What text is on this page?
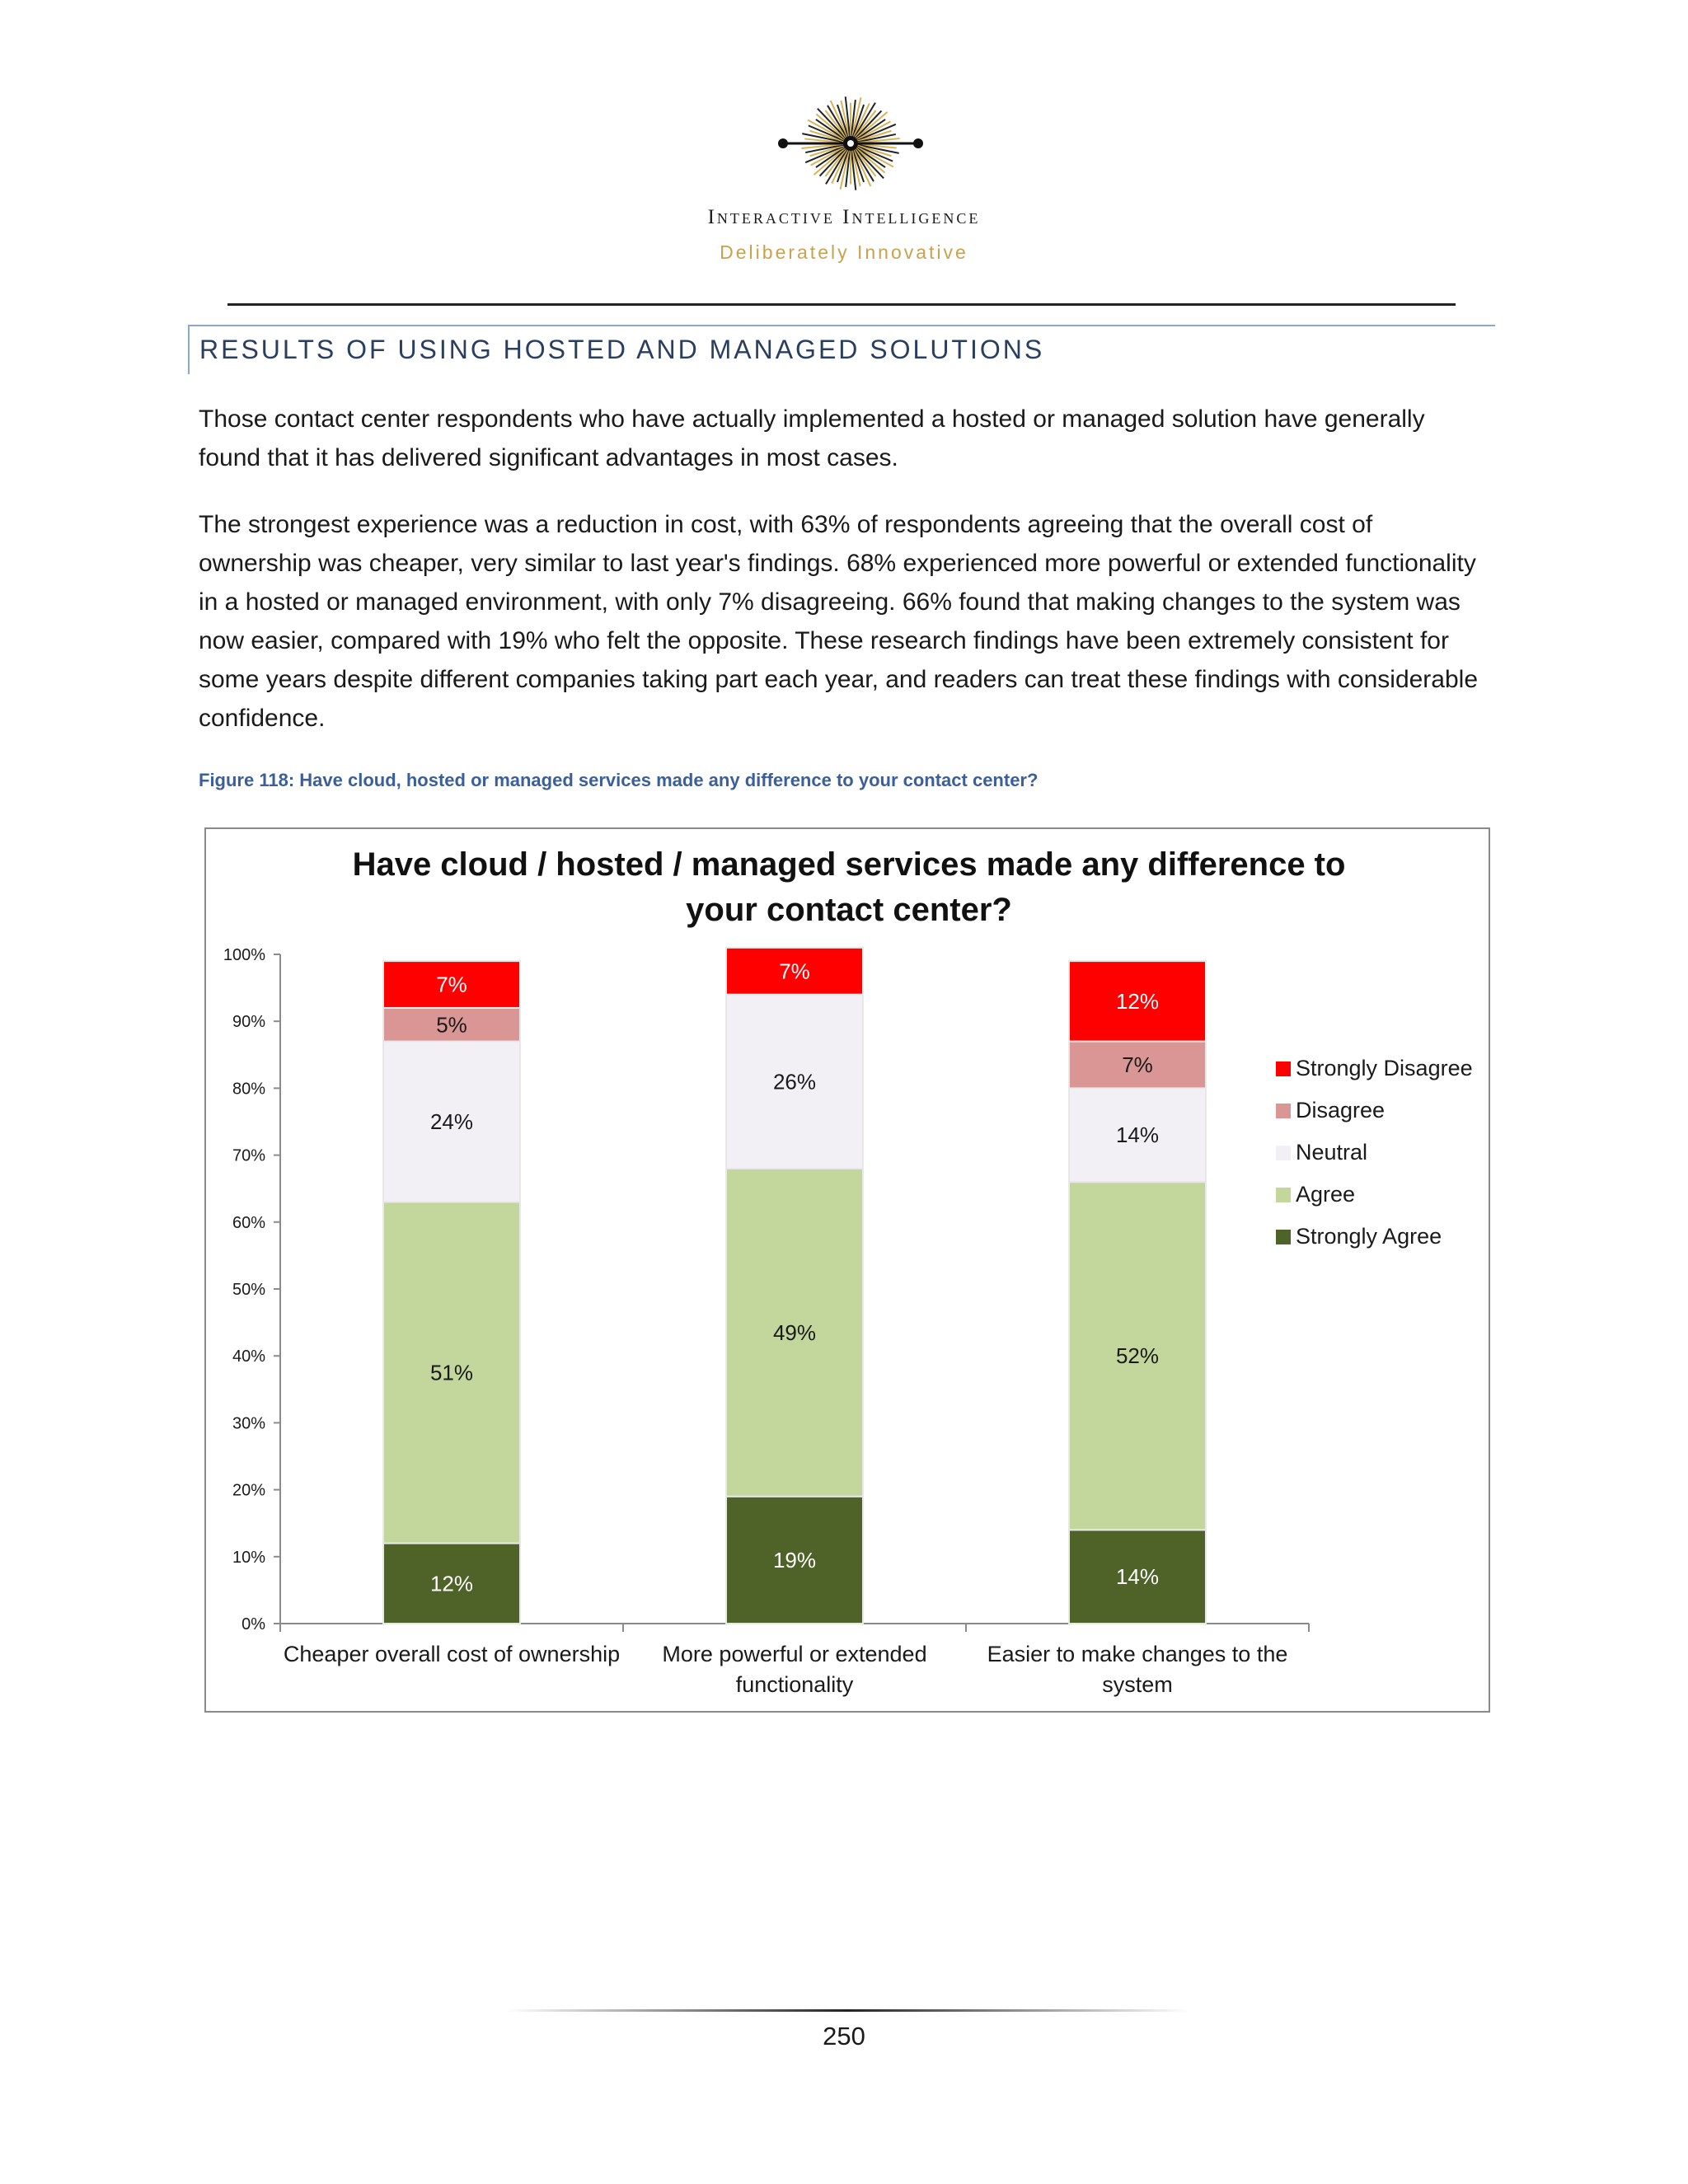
Interactive Intelligence
Deliberately Innovative
RESULTS OF USING HOSTED AND MANAGED SOLUTIONS

Those contact center respondents who have actually implemented a hosted or managed solution have generally found that it has delivered significant advantages in most cases.

The strongest experience was a reduction in cost, with 63% of respondents agreeing that the overall cost of ownership was cheaper, very similar to last year's findings. 68% experienced more powerful or extended functionality in a hosted or managed environment, with only 7% disagreeing. 66% found that making changes to the system was now easier, compared with 19% who felt the opposite. These research findings have been extremely consistent for some years despite different companies taking part each year, and readers can treat these findings with considerable confidence.

Figure 118: Have cloud, hosted or managed services made any difference to your contact center?
Have cloud / hosted / managed services made any difference to your contact center?
0%
10%
20%
30%
40%
50%
60%
70%
80%
90%
100%
12%
51%
24%
5%
7%
Cheaper overall cost of ownership
19%
49%
26%
7%
More powerful or extended
functionality
14%
52%
14%
7%
12%
Easier to make changes to the
system
Strongly Disagree
Disagree
Neutral
Agree
Strongly Agree
250
